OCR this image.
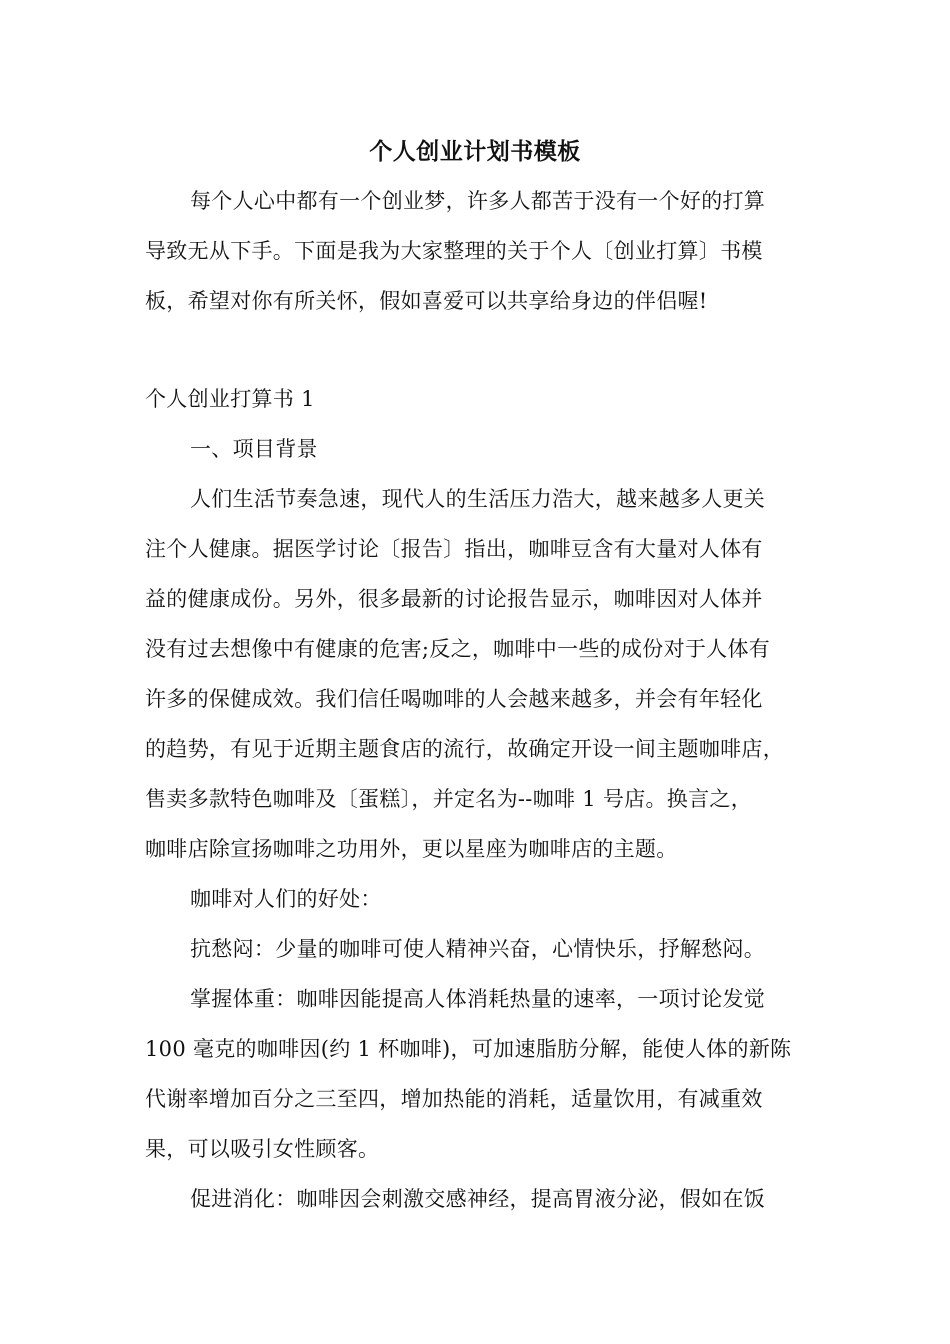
个人创业计划书模板
每个人心中都有一个创业梦，许多人都苦于没有一个好的打算
导致无从下手。下面是我为大家整理的关于个人〔创业打算〕书模
板，希望对你有所关怀，假如喜爱可以共享给身边的伴侣喔!
个人创业打算书 1
一、项目背景
人们生活节奏急速，现代人的生活压力浩大，越来越多人更关
注个人健康。据医学讨论〔报告〕指出，咖啡豆含有大量对人体有
益的健康成份。另外，很多最新的讨论报告显示，咖啡因对人体并
没有过去想像中有健康的危害;反之，咖啡中一些的成份对于人体有
许多的保健成效。我们信任喝咖啡的人会越来越多，并会有年轻化
的趋势，有见于近期主题食店的流行，故确定开设一间主题咖啡店，
售卖多款特色咖啡及〔蛋糕〕，并定名为--咖啡 1 号店。换言之，
咖啡店除宣扬咖啡之功用外，更以星座为咖啡店的主题。
咖啡对人们的好处：
抗愁闷：少量的咖啡可使人精神兴奋，心情快乐，抒解愁闷。
掌握体重：咖啡因能提高人体消耗热量的速率，一项讨论发觉
100 毫克的咖啡因(约 1 杯咖啡)，可加速脂肪分解，能使人体的新陈
代谢率增加百分之三至四，增加热能的消耗，适量饮用，有减重效
果，可以吸引女性顾客。
促进消化：咖啡因会刺激交感神经，提高胃液分泌，假如在饭
